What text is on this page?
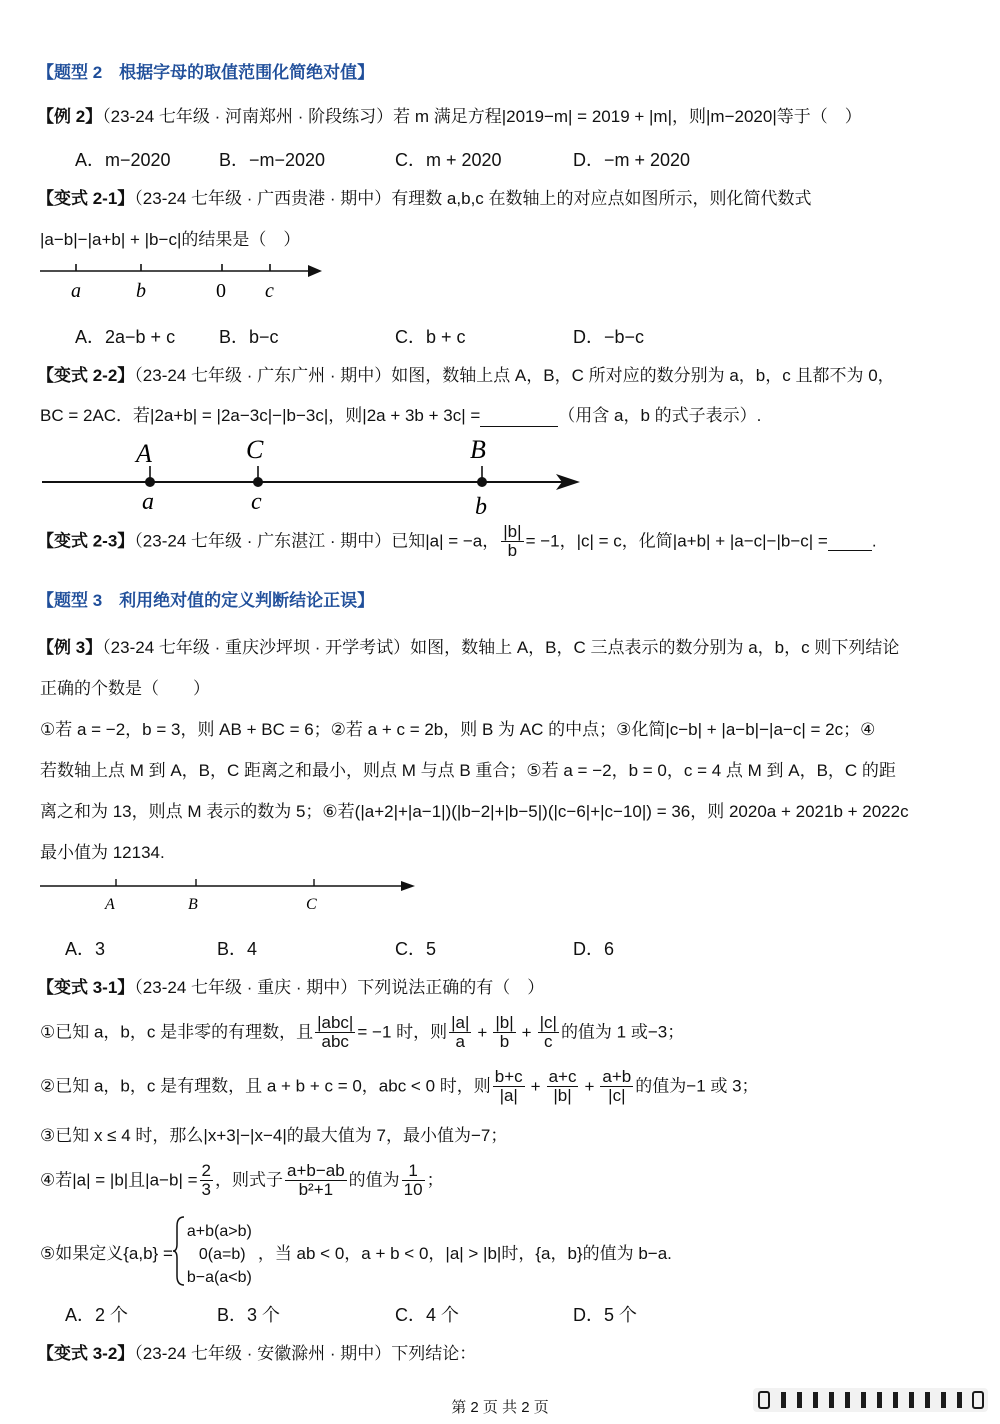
【题型 2　根据字母的取值范围化简绝对值】
【例 2】（23-24 七年级 · 河南郑州 · 阶段练习）若 m 满足方程|2019−m| = 2019 + |m|，则|m−2020|等于（　）
A．m−2020	B．−m−2020	C．m + 2020	D．−m + 2020
【变式 2-1】（23-24 七年级 · 广西贵港 · 期中）有理数 a,b,c 在数轴上的对应点如图所示，则化简代数式
|a−b|−|a+b| + |b−c|的结果是（　）
a	b	0 c
A．2a−b + c B．b−c	C．b + c	D．−b−c
【变式 2-2】（23-24 七年级 · 广东广州 · 期中）如图，数轴上点 A，B，C 所对应的数分别为 a，b，c 且都不为 0，
BC = 2AC．若|2a+b| = |2a−3c|−|b−3c|，则|2a + 3b + 3c| =	（用含 a，b 的式子表示）.
A	C	B
a	c	b
【变式 2-3】（23-24 七年级 · 广东湛江 · 期中）已知|a| = −a， $\frac{|b|}{b} = -1$，|c| = c，化简|a+b| + |a−c|−|b−c| =	.
【题型 3　利用绝对值的定义判断结论正误】
【例 3】（23-24 七年级 · 重庆沙坪坝 · 开学考试）如图，数轴上 A，B，C 三点表示的数分别为 a，b，c 则下列结论
正确的个数是（　　）
①若 a = −2，b = 3，则 AB + BC = 6；②若 a + c = 2b，则 B 为 AC 的中点；③化简|c−b| + |a−b|−|a−c| = 2c；④
若数轴上点 M 到 A，B，C 距离之和最小，则点 M 与点 B 重合；⑤若 a = −2，b = 0，c = 4 点 M 到 A，B，C 的距
离之和为 13，则点 M 表示的数为 5；⑥若(|a+2|+|a−1|)(|b−2|+|b−5|)(|c−6|+|c−10|) = 36，则 2020a + 2021b + 2022c
最小值为 12134.
A	B	C
A．3	B．4	C．5	D．6
【变式 3-1】（23-24 七年级 · 重庆 · 期中）下列说法正确的有（　）
①已知 a，b，c 是非零的有理数，且 $\frac{\text{|abc|}}{\text{abc}} = -1$ 时，则 $\frac{|a|}{a} + \frac{|b|}{b} + \frac{|c|}{c}$ 的值为 1 或−3；
②已知 a，b，c 是有理数，且 a + b + c = 0，abc < 0 时，则 $\frac{b+c}{|a|} + \frac{a+c}{|b|} + \frac{a+b}{|c|}$ 的值为−1 或 3；
③已知 x ≤ 4 时，那么|x+3|−|x−4|的最大值为 7，最小值为−7；
④若|a| = |b|且$|a-b| = \frac{2}{3}$ ，则式子 $\frac{a+b-ab}{\text{b²+1}}$ 的值为 $\frac{1}{10}$ ；
⑤如果定义{a,b} =
a+b(a>b)
0(a=b)
b−a(a<b)
，当 ab < 0，a + b < 0，|a| > |b|时，{a，b}的值为 b−a.
A．2 个	B．3 个	C．4 个	D．5 个
【变式 3-2】（23-24 七年级 · 安徽滁州 · 期中）下列结论：
第 2 页 共 2 页
